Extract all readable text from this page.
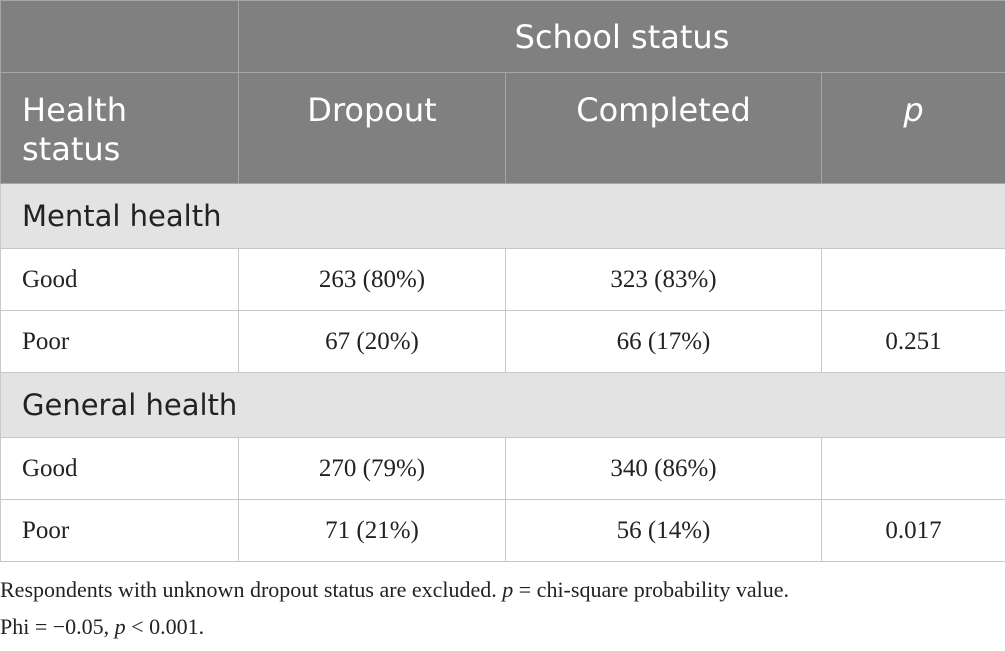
	School status		
Health
status	Dropout	Completed	p
Mental health			
Good	263 (80%)	323 (83%)	
Poor	67 (20%)	66 (17%)	0.251
General health			
Good	270 (79%)	340 (86%)	
Poor	71 (21%)	56 (14%)	0.017

Respondents with unknown dropout status are excluded. p = chi-square probability value.

Phi = −0.05, p < 0.001.
